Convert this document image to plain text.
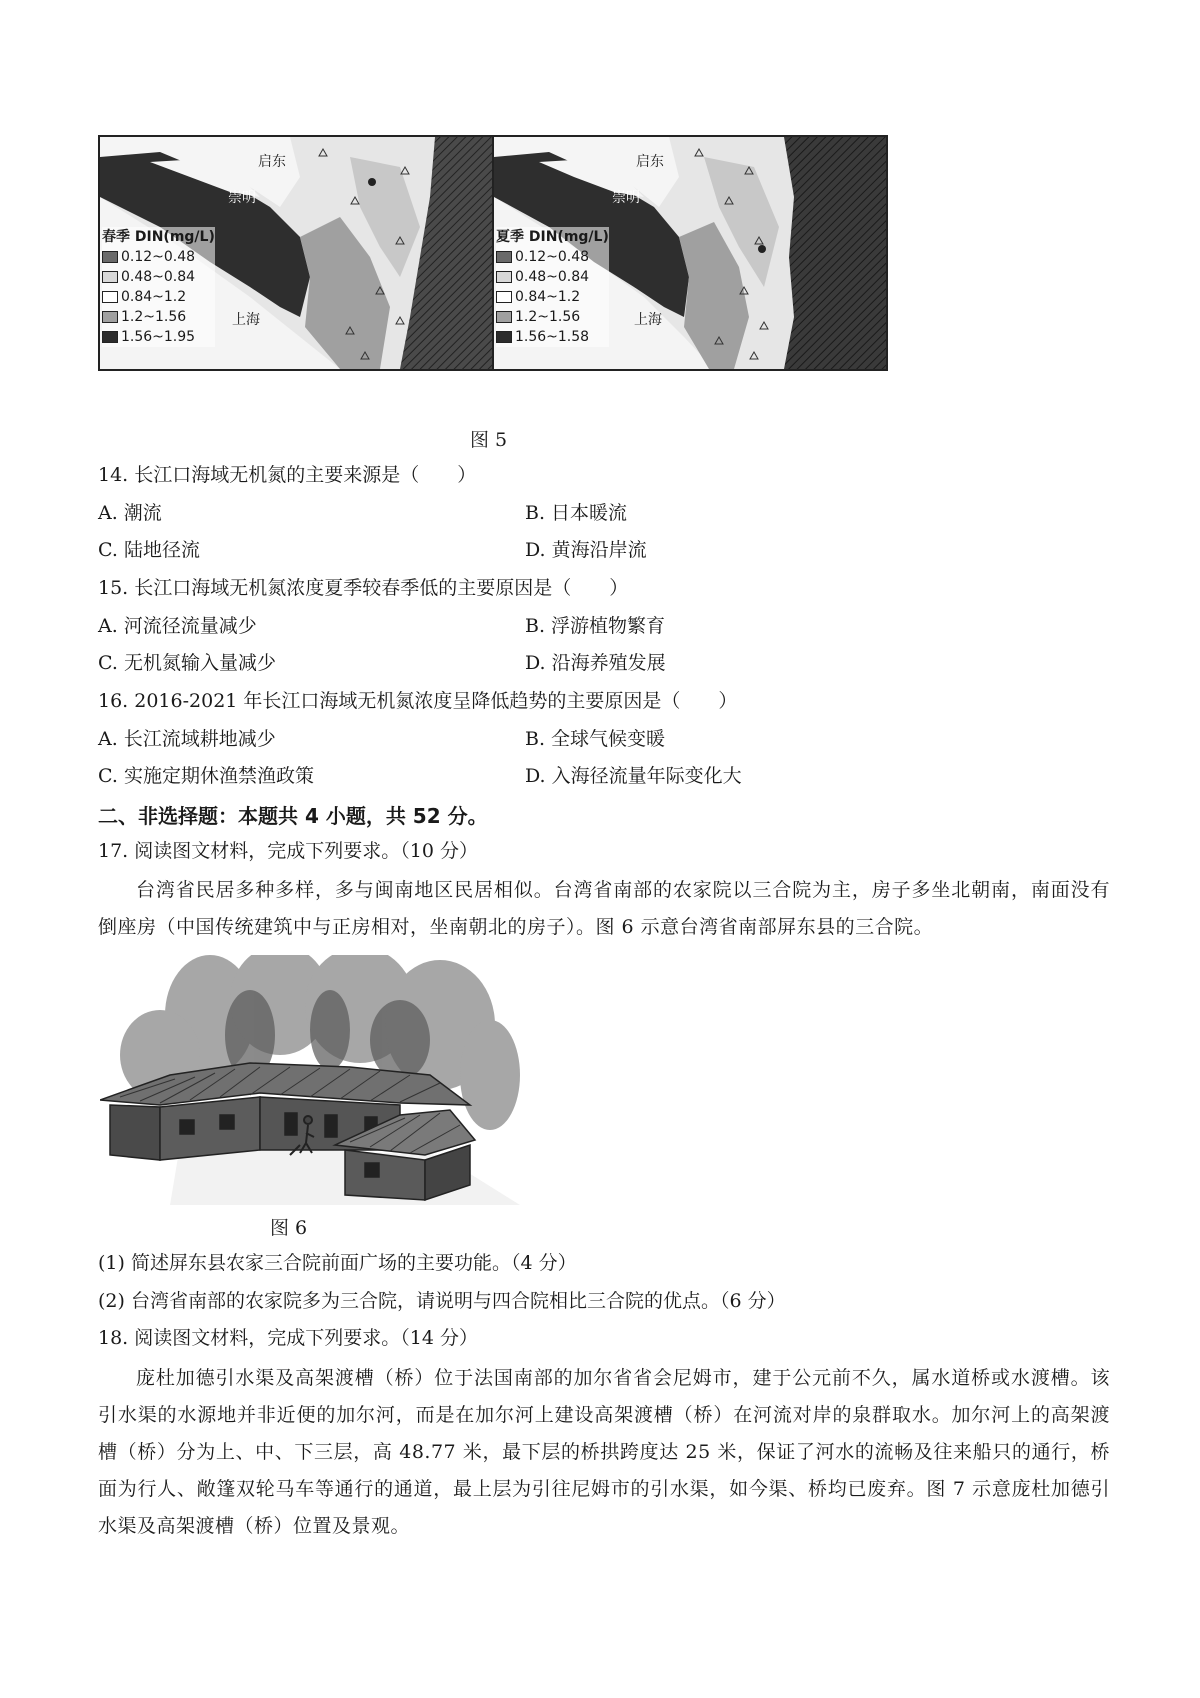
启东
崇明
上海
春季 DIN(mg/L)
0.12~0.48
0.48~0.84
0.84~1.2
1.2~1.56
1.56~1.95
启东
崇明
上海
夏季 DIN(mg/L)
0.12~0.48
0.48~0.84
0.84~1.2
1.2~1.56
1.56~1.58
图 5
14. 长江口海域无机氮的主要来源是（　　）
A. 潮流	B. 日本暖流
C. 陆地径流	D. 黄海沿岸流
15. 长江口海域无机氮浓度夏季较春季低的主要原因是（　　）
A. 河流径流量减少	B. 浮游植物繁育
C. 无机氮输入量减少	D. 沿海养殖发展
16. 2016-2021 年长江口海域无机氮浓度呈降低趋势的主要原因是（　　）
A. 长江流域耕地减少	B. 全球气候变暖
C. 实施定期休渔禁渔政策	D. 入海径流量年际变化大
二、非选择题：本题共 4 小题，共 52 分。
17. 阅读图文材料，完成下列要求。（10 分）
台湾省民居多种多样，多与闽南地区民居相似。台湾省南部的农家院以三合院为主，房子多坐北朝南，南面没有倒座房（中国传统建筑中与正房相对，坐南朝北的房子）。图 6 示意台湾省南部屏东县的三合院。
图 6
(1) 简述屏东县农家三合院前面广场的主要功能。（4 分）
(2) 台湾省南部的农家院多为三合院，请说明与四合院相比三合院的优点。（6 分）
18. 阅读图文材料，完成下列要求。（14 分）
庞杜加德引水渠及高架渡槽（桥）位于法国南部的加尔省省会尼姆市，建于公元前不久，属水道桥或水渡槽。该引水渠的水源地并非近便的加尔河，而是在加尔河上建设高架渡槽（桥）在河流对岸的泉群取水。加尔河上的高架渡槽（桥）分为上、中、下三层，高 48.77 米，最下层的桥拱跨度达 25 米，保证了河水的流畅及往来船只的通行，桥面为行人、敞篷双轮马车等通行的通道，最上层为引往尼姆市的引水渠，如今渠、桥均已废弃。图 7 示意庞杜加德引水渠及高架渡槽（桥）位置及景观。
